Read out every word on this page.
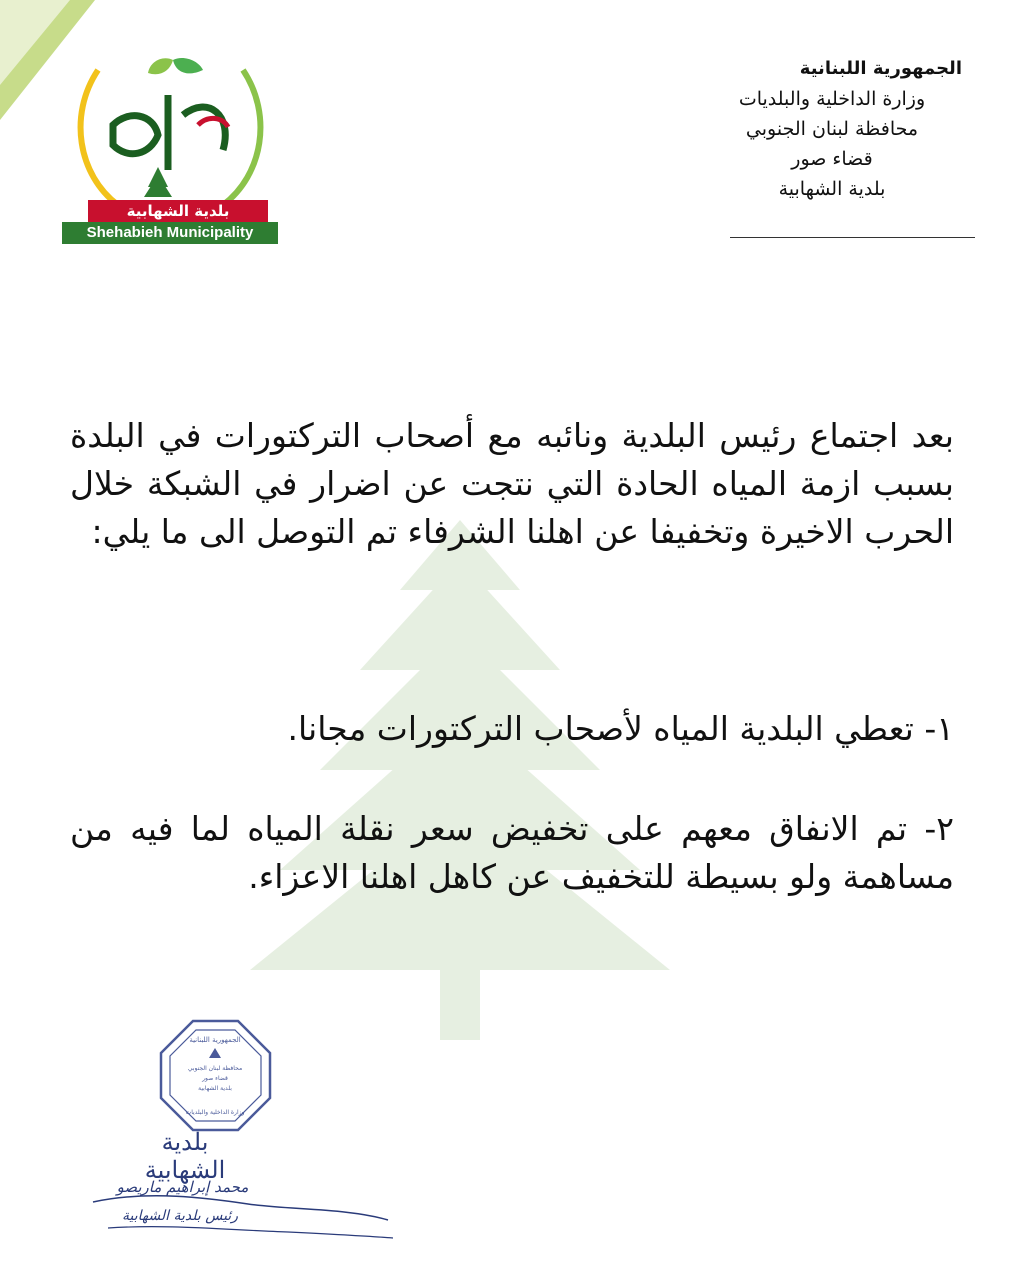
بلدية الشهابية
Shehabieh Municipality
الجمهورية اللبنانية
وزارة الداخلية والبلديات
محافظة لبنان الجنوبي
قضاء صور
بلدية الشهابية
بعد اجتماع رئيس البلدية ونائبه مع أصحاب التركتورات في البلدة بسبب ازمة المياه الحادة التي نتجت عن اضرار في الشبكة خلال الحرب الاخيرة وتخفيفا عن اهلنا الشرفاء تم التوصل الى ما يلي:
١- تعطي البلدية المياه لأصحاب التركتورات مجانا.
٢- تم الانفاق معهم على تخفيض سعر نقلة المياه لما فيه من مساهمة ولو بسيطة للتخفيف عن كاهل اهلنا الاعزاء.
الجمهورية اللبنانية
محافظة لبنان الجنوبي
قضاء صور
بلدية الشهابية
وزارة الداخلية والبلديات
بلدية الشهابية
محمد إبراهيم ماريصو
رئيس بلدية الشهابية
